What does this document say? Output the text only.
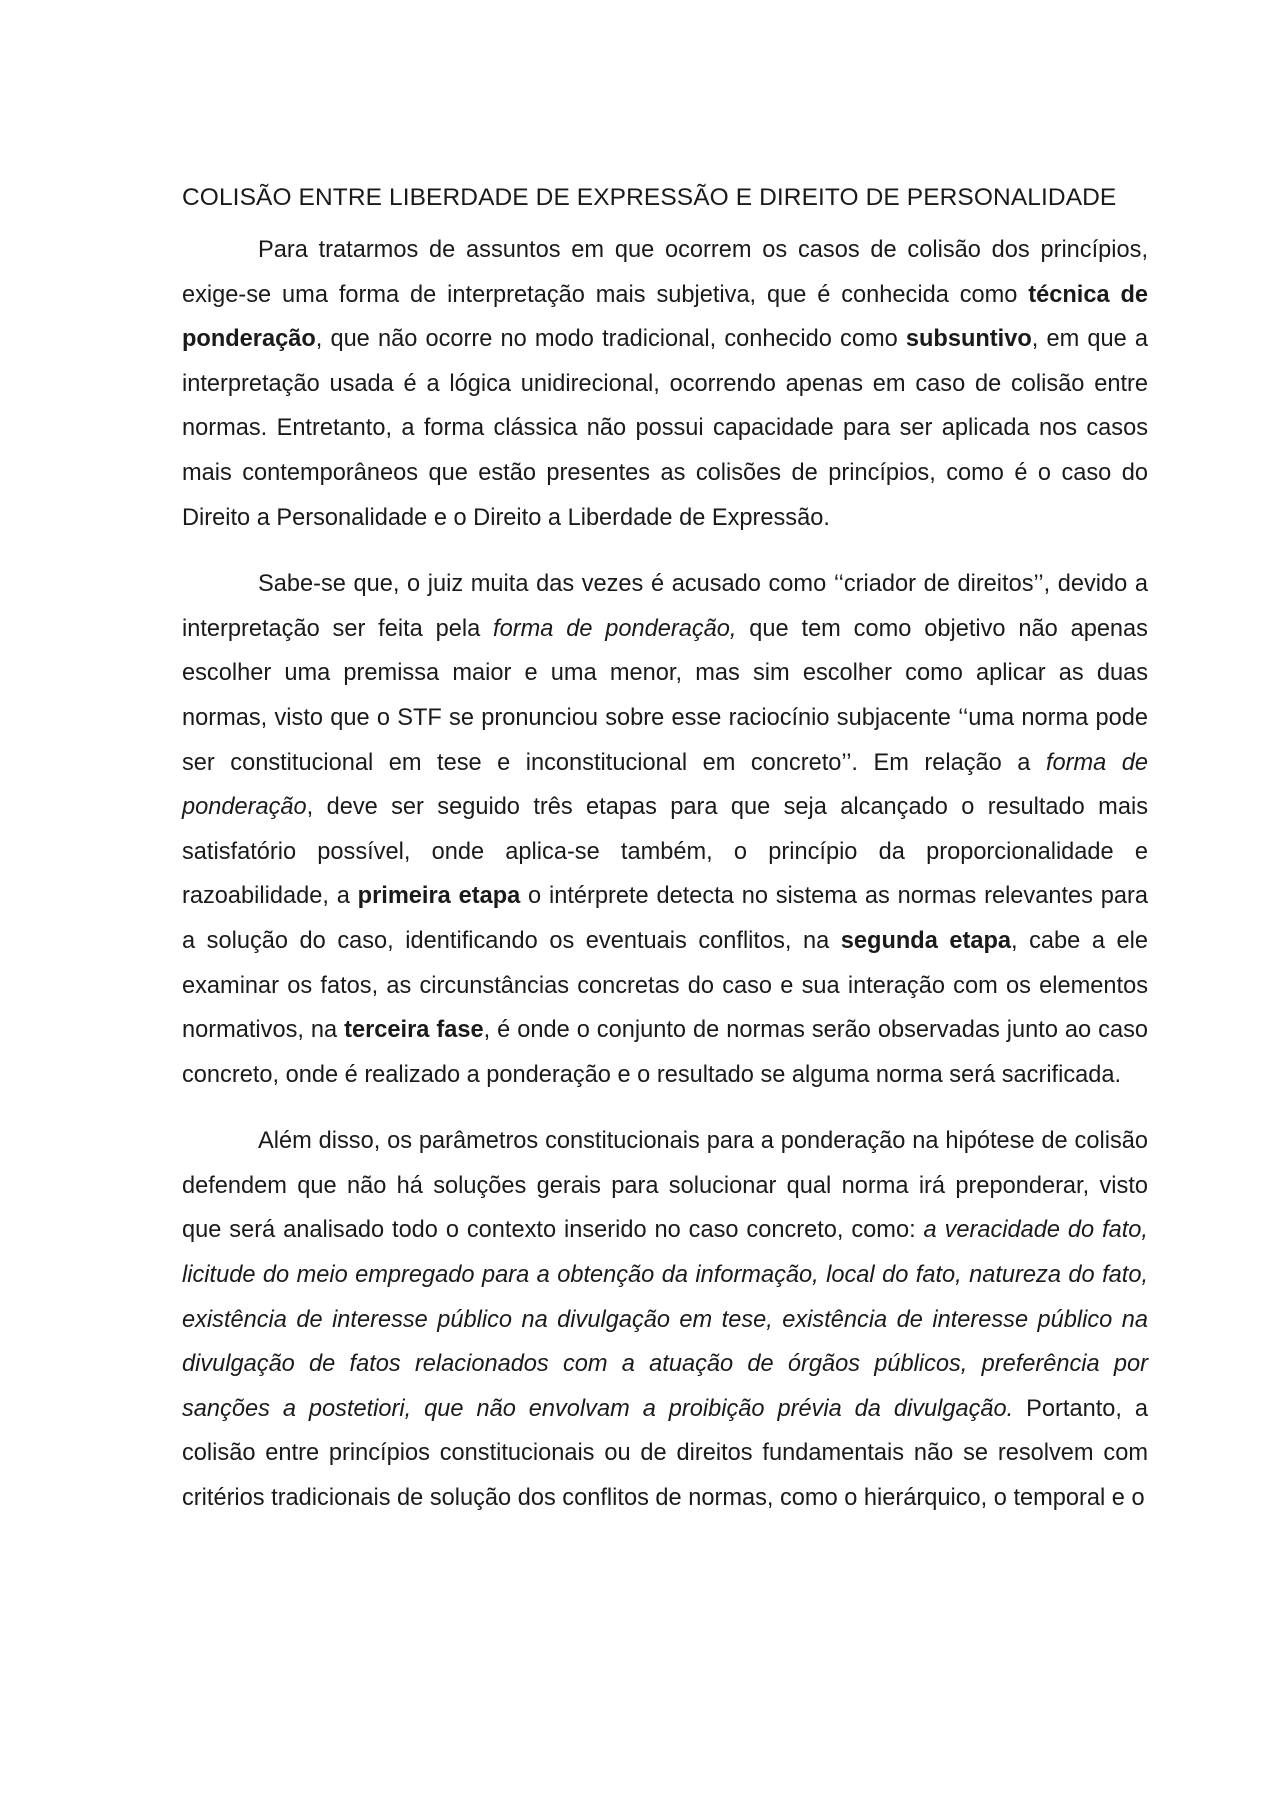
COLISÃO ENTRE LIBERDADE DE EXPRESSÃO E DIREITO DE PERSONALIDADE

Para tratarmos de assuntos em que ocorrem os casos de colisão dos princípios, exige-se uma forma de interpretação mais subjetiva, que é conhecida como técnica de ponderação, que não ocorre no modo tradicional, conhecido como subsuntivo, em que a interpretação usada é a lógica unidirecional, ocorrendo apenas em caso de colisão entre normas. Entretanto, a forma clássica não possui capacidade para ser aplicada nos casos mais contemporâneos que estão presentes as colisões de princípios, como é o caso do Direito a Personalidade e o Direito a Liberdade de Expressão.

Sabe-se que, o juiz muita das vezes é acusado como ‘‘criador de direitos’’, devido a interpretação ser feita pela forma de ponderação, que tem como objetivo não apenas escolher uma premissa maior e uma menor, mas sim escolher como aplicar as duas normas, visto que o STF se pronunciou sobre esse raciocínio subjacente ‘‘uma norma pode ser constitucional em tese e inconstitucional em concreto’’. Em relação a forma de ponderação, deve ser seguido três etapas para que seja alcançado o resultado mais satisfatório possível, onde aplica-se também, o princípio da proporcionalidade e razoabilidade, a primeira etapa o intérprete detecta no sistema as normas relevantes para a solução do caso, identificando os eventuais conflitos, na segunda etapa, cabe a ele examinar os fatos, as circunstâncias concretas do caso e sua interação com os elementos normativos, na terceira fase, é onde o conjunto de normas serão observadas junto ao caso concreto, onde é realizado a ponderação e o resultado se alguma norma será sacrificada.

Além disso, os parâmetros constitucionais para a ponderação na hipótese de colisão defendem que não há soluções gerais para solucionar qual norma irá preponderar, visto que será analisado todo o contexto inserido no caso concreto, como: a veracidade do fato, licitude do meio empregado para a obtenção da informação, local do fato, natureza do fato, existência de interesse público na divulgação em tese, existência de interesse público na divulgação de fatos relacionados com a atuação de órgãos públicos, preferência por sanções a postetiori, que não envolvam a proibição prévia da divulgação. Portanto, a colisão entre princípios constitucionais ou de direitos fundamentais não se resolvem com critérios tradicionais de solução dos conflitos de normas, como o hierárquico, o temporal e o
